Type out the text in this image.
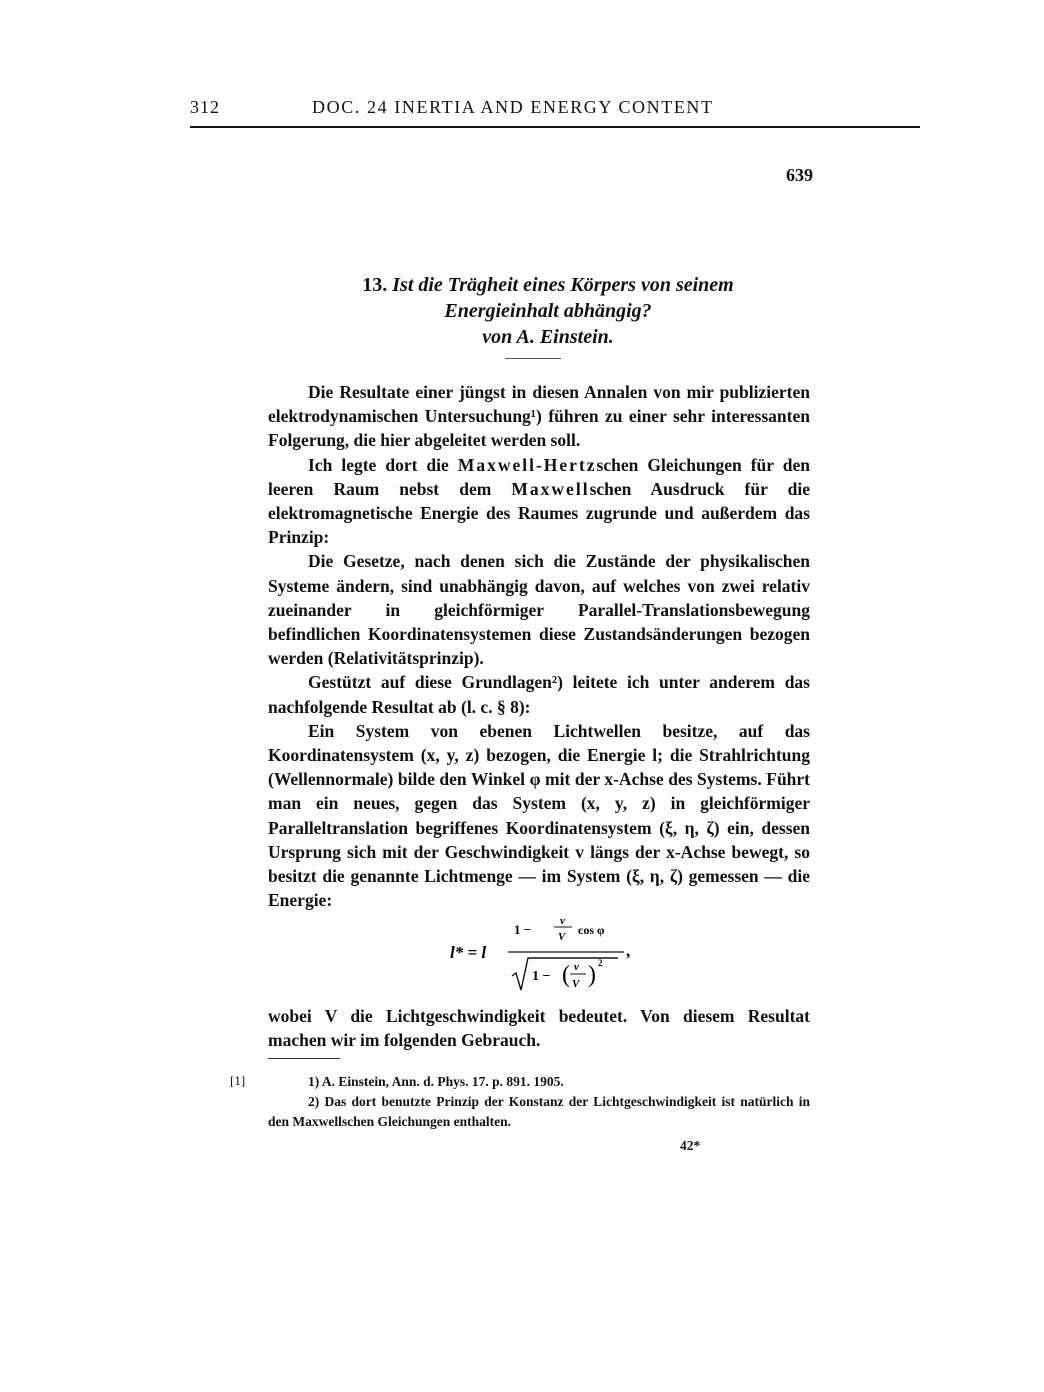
312	DOC. 24 INERTIA AND ENERGY CONTENT
639
13. Ist die Trägheit eines Körpers von seinem
Energieinhalt abhängig?
von A. Einstein.

Die Resultate einer jüngst in diesen Annalen von mir publizierten elektrodynamischen Untersuchung¹) führen zu einer sehr interessanten Folgerung, die hier abgeleitet werden soll.

Ich legte dort die Maxwell-Hertzschen Gleichungen für den leeren Raum nebst dem Maxwellschen Ausdruck für die elektromagnetische Energie des Raumes zugrunde und außerdem das Prinzip:

Die Gesetze, nach denen sich die Zustände der physikalischen Systeme ändern, sind unabhängig davon, auf welches von zwei relativ zueinander in gleichförmiger Parallel-Translationsbewegung befindlichen Koordinatensystemen diese Zustandsänderungen bezogen werden (Relativitätsprinzip).

Gestützt auf diese Grundlagen²) leitete ich unter anderem das nachfolgende Resultat ab (l. c. § 8):

Ein System von ebenen Lichtwellen besitze, auf das Koordinatensystem (x, y, z) bezogen, die Energie l; die Strahlrichtung (Wellennormale) bilde den Winkel φ mit der x-Achse des Systems. Führt man ein neues, gegen das System (x, y, z) in gleichförmiger Paralleltranslation begriffenes Koordinatensystem (ξ, η, ζ) ein, dessen Ursprung sich mit der Geschwindigkeit v längs der x-Achse bewegt, so besitzt die genannte Lichtmenge — im System (ξ, η, ζ) gemessen — die Energie:

l* = l
1 −
v
V cos φ
,
1 − ( v
V ) 2

wobei V die Lichtgeschwindigkeit bedeutet. Von diesem Resultat machen wir im folgenden Gebrauch.

[1]	1) A. Einstein, Ann. d. Phys. 17. p. 891. 1905.

2) Das dort benutzte Prinzip der Konstanz der Lichtgeschwindigkeit ist natürlich in den Maxwellschen Gleichungen enthalten.

42*
